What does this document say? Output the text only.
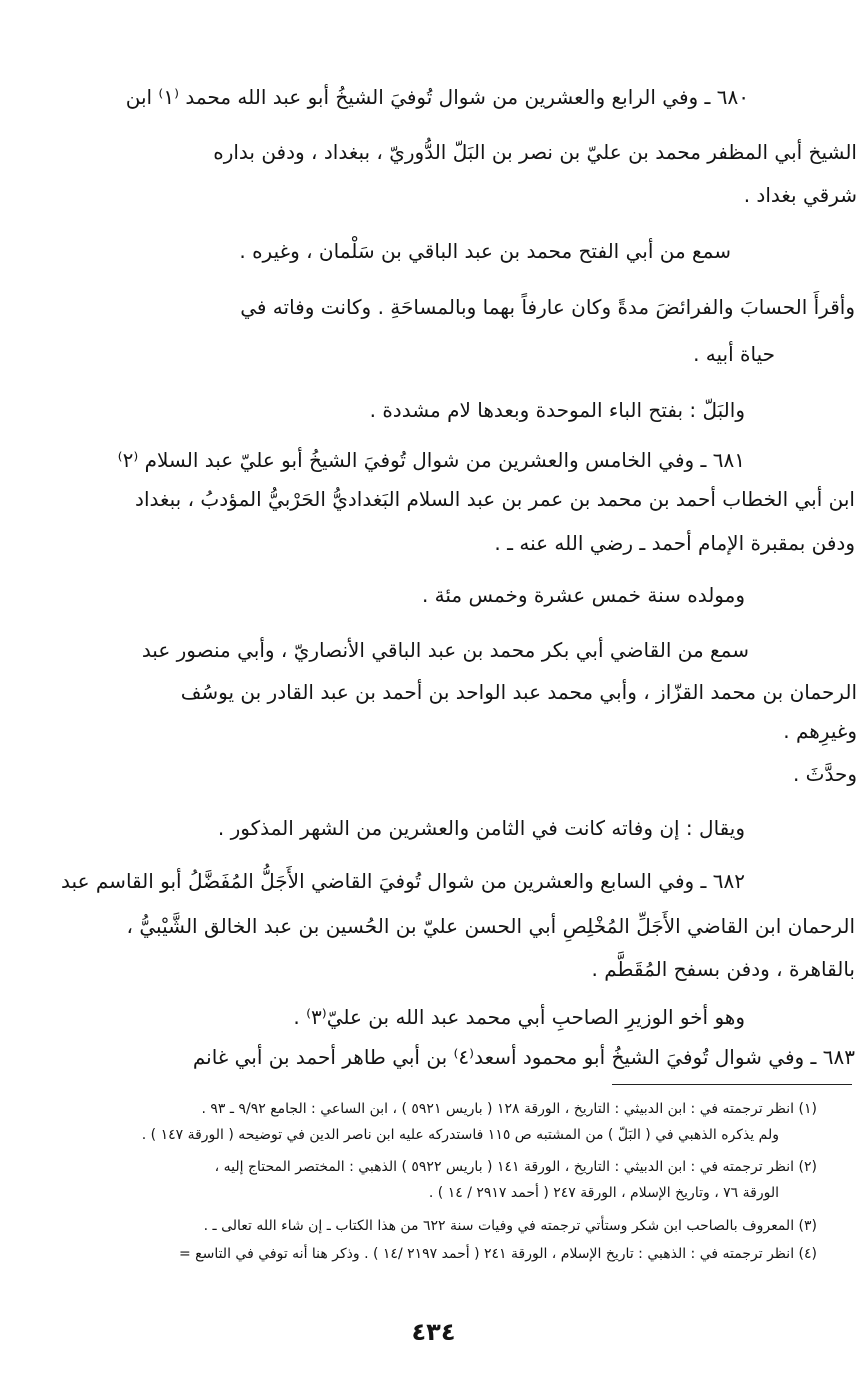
٦٨٠ ـ وفي الرابع والعشرين من شوال تُوفيَ الشيخُ أبو عبد الله محمد ⁽١⁾ ابن
الشيخ أبي المظفر محمد بن عليّ بن نصر بن البَلّ الدُّوريّ ، ببغداد ، ودفن بداره
شرقي بغداد .
سمع من أبي الفتح محمد بن عبد الباقي بن سَلْمان ، وغيره .
وأقرأَ الحسابَ والفرائضَ مدةً وكان عارفاً بهما وبالمساحَةِ . وكانت وفاته في
حياة أبيه .
والبَلّ : بفتح الباء الموحدة وبعدها لام مشددة .
٦٨١ ـ وفي الخامس والعشرين من شوال تُوفيَ الشيخُ أبو عليّ عبد السلام ⁽٢⁾
ابن أبي الخطاب أحمد بن محمد بن عمر بن عبد السلام البَغداديُّ الحَرْبيُّ المؤدبُ ، ببغداد
ودفن بمقبرة الإمام أحمد ـ رضي الله عنه ـ .
ومولده سنة خمس عشرة وخمس مئة .
سمع من القاضي أبي بكر محمد بن عبد الباقي الأنصاريّ ، وأبي منصور عبد
الرحمان بن محمد القزّاز ، وأبي محمد عبد الواحد بن أحمد بن عبد القادر بن يوسُف
وغيرِهم .
وحدَّثَ .
ويقال : إن وفاته كانت في الثامن والعشرين من الشهر المذكور .
٦٨٢ ـ وفي السابع والعشرين من شوال تُوفيَ القاضي الأَجَلُّ المُفَضَّلُ أبو القاسم عبد
الرحمان ابن القاضي الأَجَلِّ المُخْلِصِ أبي الحسن عليّ بن الحُسين بن عبد الخالق الشَّيْبيُّ ،
بالقاهرة ، ودفن بسفح المُقَطَّم .
وهو أخو الوزيرِ الصاحبِ أبي محمد عبد الله بن عليّ⁽٣⁾ .
٦٨٣ ـ وفي شوال تُوفيَ الشيخُ أبو محمود أسعد⁽٤⁾ بن أبي طاهر أحمد بن أبي غانم
(١) انظر ترجمته في : ابن الدبيثي : التاريخ ، الورقة ١٢٨ ( باريس ٥٩٢١ ) ، ابن الساعي : الجامع ٩/٩٢ ـ ٩٣ .
ولم يذكره الذهبي في ( البَلّ ) من المشتبه ص ١١٥ فاستدركه عليه ابن ناصر الدين في توضيحه ( الورقة ١٤٧ ) .
(٢) انظر ترجمته في : ابن الدبيثي : التاريخ ، الورقة ١٤١ ( باريس ٥٩٢٢ ) الذهبي : المختصر المحتاج إليه ،
الورقة ٧٦ ، وتاريخ الإسلام ، الورقة ٢٤٧ ( أحمد ٢٩١٧ / ١٤ ) .
(٣) المعروف بالصاحب ابن شكر وستأتي ترجمته في وفيات سنة ٦٢٢ من هذا الكتاب ـ إن شاء الله تعالى ـ .
(٤) انظر ترجمته في : الذهبي : تاريخ الإسلام ، الورقة ٢٤١ ( أحمد ٢١٩٧ /١٤ ) . وذكر هنا أنه توفي في التاسع =
٤٣٤
